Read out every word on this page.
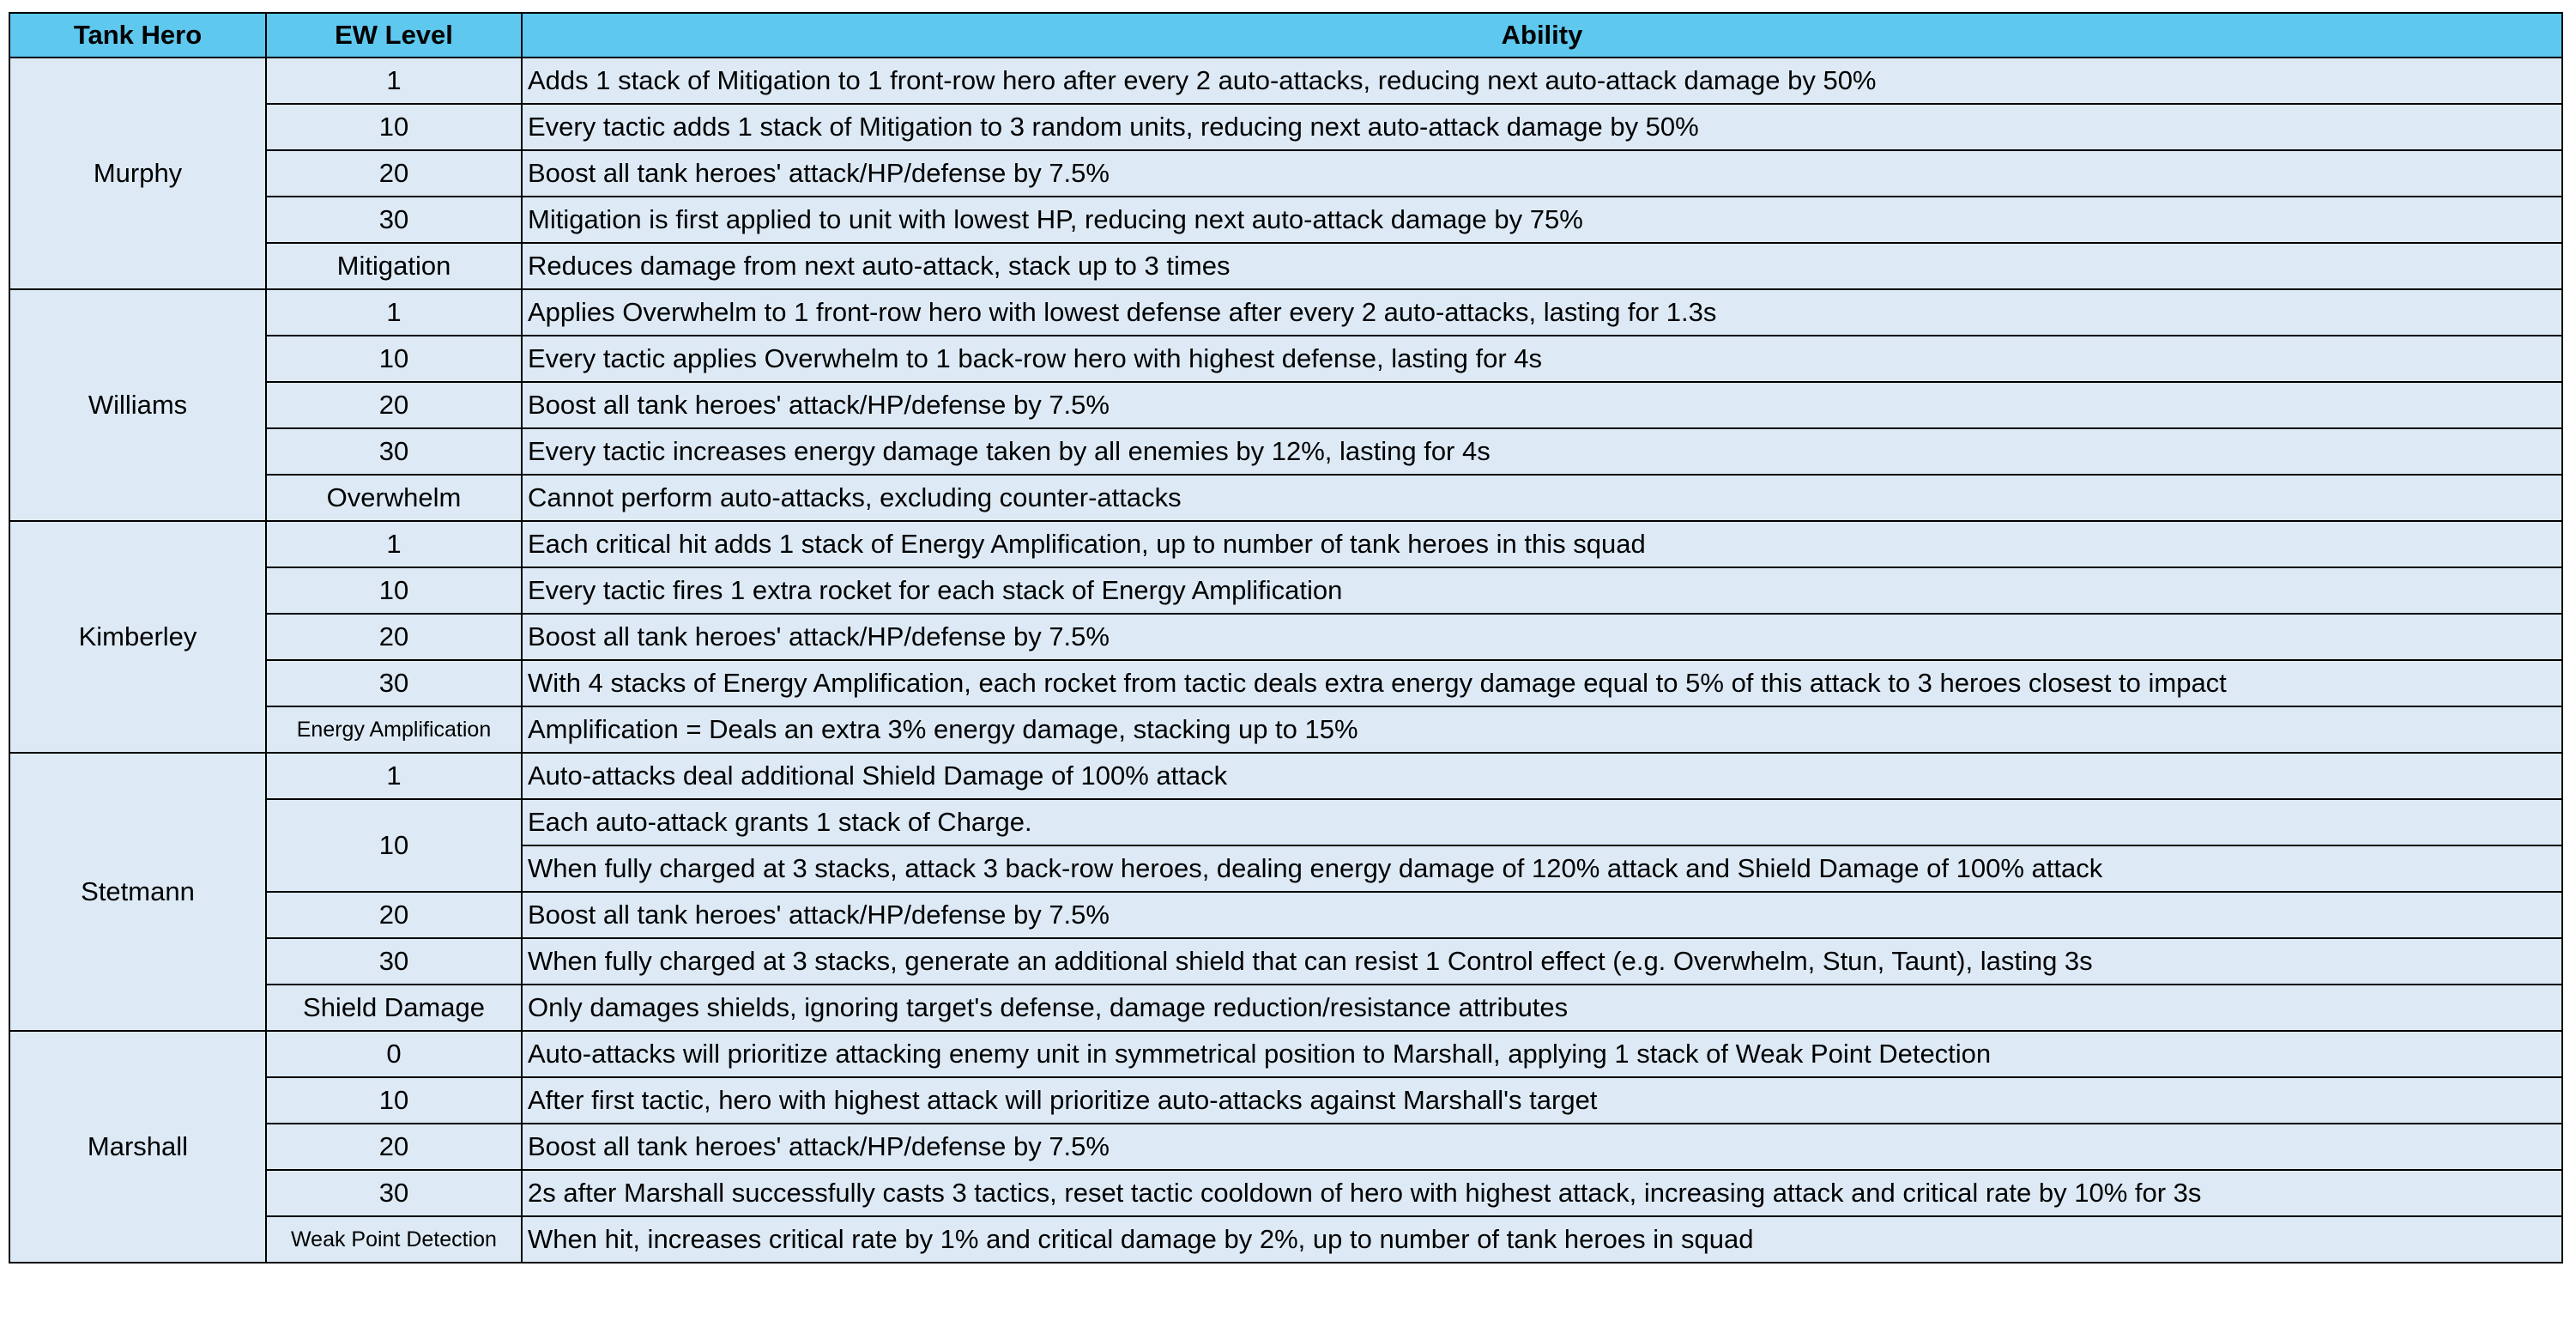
Tank Hero	EW Level	Ability
Murphy	1	Adds 1 stack of Mitigation to 1 front-row hero after every 2 auto-attacks, reducing next auto-attack damage by 50%
	10	Every tactic adds 1 stack of Mitigation to 3 random units, reducing next auto-attack damage by 50%
	20	Boost all tank heroes' attack/HP/defense by 7.5%
	30	Mitigation is first applied to unit with lowest HP, reducing next auto-attack damage by 75%
	Mitigation	Reduces damage from next auto-attack, stack up to 3 times
Williams	1	Applies Overwhelm to 1 front-row hero with lowest defense after every 2 auto-attacks, lasting for 1.3s
	10	Every tactic applies Overwhelm to 1 back-row hero with highest defense, lasting for 4s
	20	Boost all tank heroes' attack/HP/defense by 7.5%
	30	Every tactic increases energy damage taken by all enemies by 12%, lasting for 4s
	Overwhelm	Cannot perform auto-attacks, excluding counter-attacks
Kimberley	1	Each critical hit adds 1 stack of Energy Amplification, up to number of tank heroes in this squad
	10	Every tactic fires 1 extra rocket for each stack of Energy Amplification
	20	Boost all tank heroes' attack/HP/defense by 7.5%
	30	With 4 stacks of Energy Amplification, each rocket from tactic deals extra energy damage equal to 5% of this attack to 3 heroes closest to impact
	Energy Amplification	Amplification = Deals an extra 3% energy damage, stacking up to 15%
Stetmann	1	Auto-attacks deal additional Shield Damage of 100% attack
	10	Each auto-attack grants 1 stack of Charge.
		When fully charged at 3 stacks, attack 3 back-row heroes, dealing energy damage of 120% attack and Shield Damage of 100% attack
	20	Boost all tank heroes' attack/HP/defense by 7.5%
	30	When fully charged at 3 stacks, generate an additional shield that can resist 1 Control effect (e.g. Overwhelm, Stun, Taunt), lasting 3s
	Shield Damage	Only damages shields, ignoring target's defense, damage reduction/resistance attributes
Marshall	0	Auto-attacks will prioritize attacking enemy unit in symmetrical position to Marshall, applying 1 stack of Weak Point Detection
	10	After first tactic, hero with highest attack will prioritize auto-attacks against Marshall's target
	20	Boost all tank heroes' attack/HP/defense by 7.5%
	30	2s after Marshall successfully casts 3 tactics, reset tactic cooldown of hero with highest attack, increasing attack and critical rate by 10% for 3s
	Weak Point Detection	When hit, increases critical rate by 1% and critical damage by 2%, up to number of tank heroes in squad
